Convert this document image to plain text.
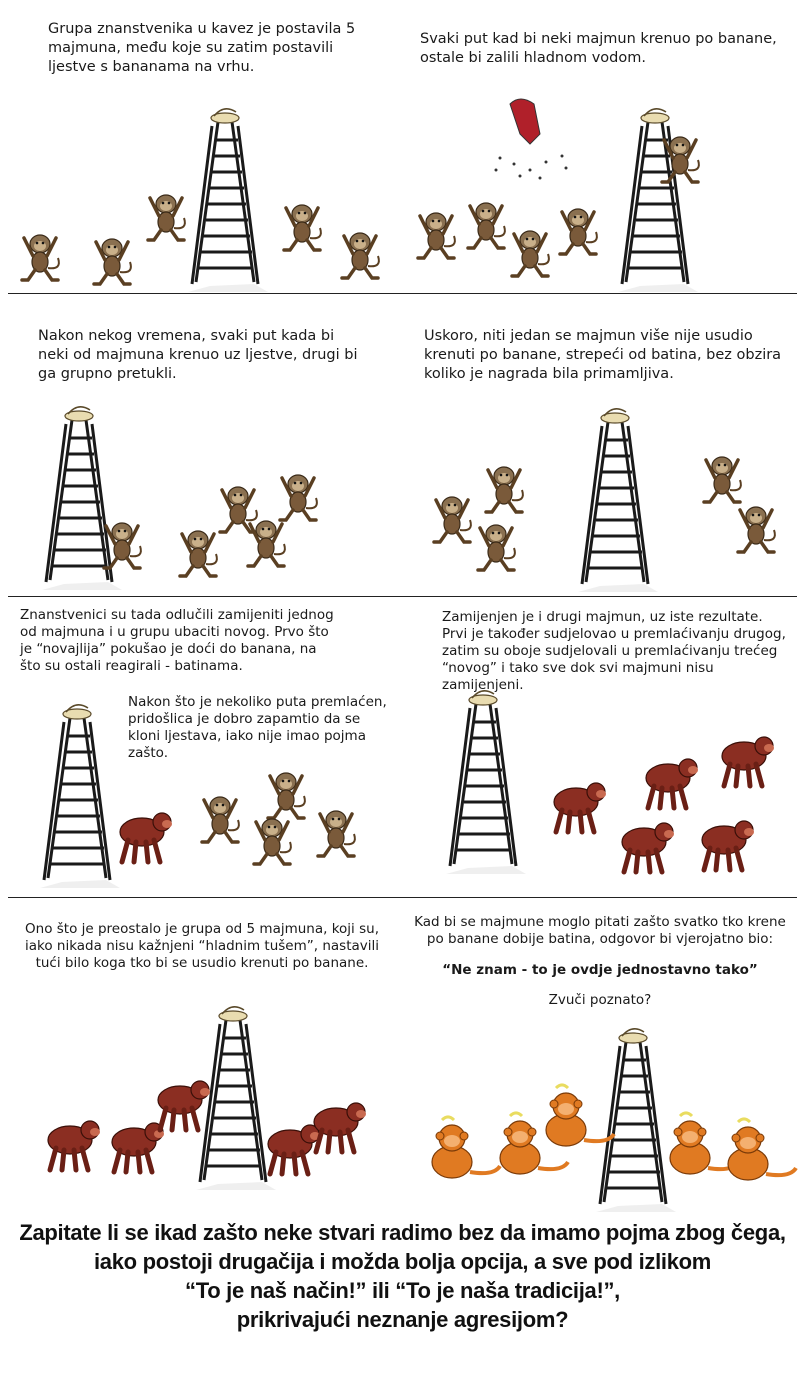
Grupa znanstvenika u kavez je postavila 5 majmuna, među koje su zatim postavili ljestve s bananama na vrhu.
Svaki put kad bi neki majmun krenuo po banane, ostale bi zalili hladnom vodom.
Nakon nekog vremena, svaki put kada bi neki od majmuna krenuo uz ljestve, drugi bi ga grupno pretukli.
Uskoro, niti jedan se majmun više nije usudio krenuti po banane, strepeći od batina, bez obzira koliko je nagrada bila primamljiva.
Znanstvenici su tada odlučili zamijeniti jednog od majmuna i u grupu ubaciti novog. Prvo što je “novajlija” pokušao je doći do banana, na što su ostali reagirali - batinama.
Nakon što je nekoliko puta premlaćen, pridošlica je dobro zapamtio da se kloni ljestava, iako nije imao pojma zašto.
Zamijenjen je i drugi majmun, uz iste rezultate. Prvi je također sudjelovao u premlaćivanju drugog, zatim su oboje sudjelovali u premlaćivanju trećeg “novog” i tako sve dok svi majmuni nisu zamijenjeni.
Ono što je preostalo je grupa od 5 majmuna, koji su, iako nikada nisu kažnjeni “hladnim tušem”, nastavili tući bilo koga tko bi se usudio krenuti po banane.
Kad bi se majmune moglo pitati zašto svatko tko krene po banane dobije batina, odgovor bi vjerojatno bio:
“Ne znam - to je ovdje jednostavno tako”
Zvuči poznato?
Zapitate li se ikad zašto neke stvari radimo bez da imamo pojma zbog čega,
iako postoji drugačija i možda bolja opcija, a sve pod izlikom
“To je naš način!” ili “To je naša tradicija!”,
prikrivajući neznanje agresijom?
